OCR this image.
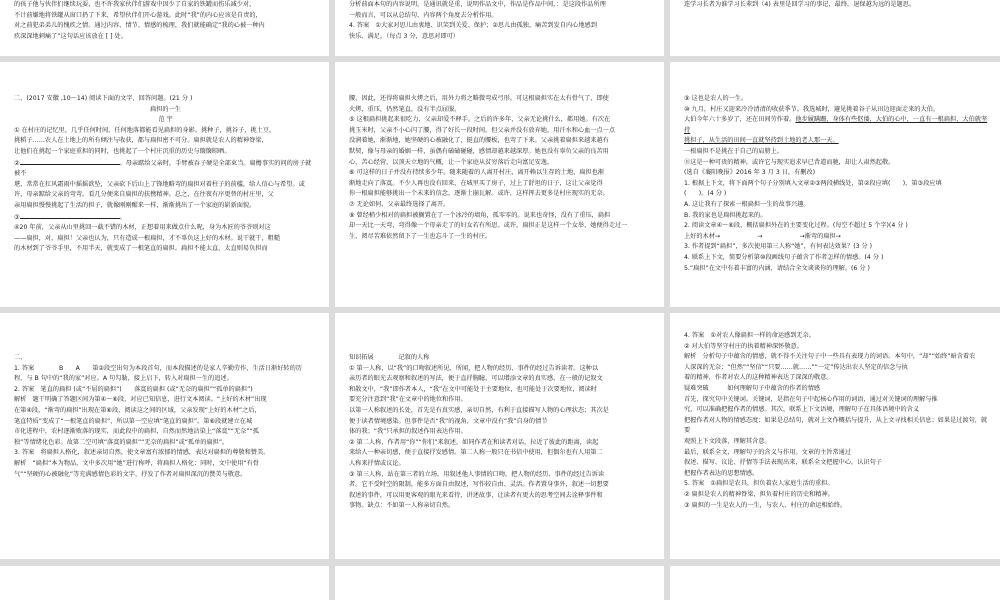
的孩子他与伙伴们继续玩耍，也不许我家伙伴们游戏中因少了自家的铁罐而伤乐减少对，

不计前嫌地将铁罐从窗口扔了下来，希望伙伴们开心游戏。此时“我”的内心应该是自责的，

对之前犯弟弟儿的愧疚之情。通过内容、情节、情感的梳理，我们就能确定“我的心被一种内

疚深深地刺痛了”这句话应该放在 [ ] 处。

分析前面本句的内容说明，是通讯就是重，说明作品文中，作品是作品中间，：是这段作品所理

一般而言，可以从总结句、内容两个角度去分析作用。

4. 答案　①大家对思儿由衷地、识笑到关爱、保护；②思儿由孤独、痛苦到发自内心地感到

快乐、满足。（每点 3 分，意思对即可）

连学习长者为谁学习长辈到（4) 表里是回学习的事记，最终，退保越为远的是题思。

二、(2017 安徽 ,10～14) 阅读下面的文字，回答问题。(21 分 )

扁担的一生

范 宇

① 在村庄的记忆里，几乎任何时间，任何地落都能看见扁担的身影。挑种子，挑谷子，挑土豆，

挑稻子……农人在土地上的所有倾注与收获，都与扁担密不可分。扁担就是农人的精神脊梁，

让他们在挑起一个家庭重担的同时，也挑起了一个村庄沉重的历史与簸簸晾晒。

②	。母亲踮给父亲时，手臂被吞子硬是全部束当。扁檐事实的问的房子就被不

堪，常常在扛风霜雨中摇摇欲坠，父亲砍下后山上了锋地略弯的扁担对着柱子的前槛，给人信心与希望。或

许，母亲踮给父亲的弯弯，看几分便来自扁担的扶携精神。总之，在往夜有序更替的村庄里，父

亲用扁担慢慢挑起了生活的担子，就像刚刚醒来一样，渐渐挑出了一个家庭的崭新面貌。

③	。

④20 年前，父亲从山里挑回一截不错的木材，正想着用来做点什么呢，身为木匠的爷爷则对这

——扁担，对，扁担！父亲也认为，只有造成一根扁担，才不辜负这上好的木材。说干就干，粗糙

的木材到了爷爷手里，不用半天，就变成了一根笔直的扁担。扁担不能太直，太直则易负担而

腰，因此，还得将扁担火烤之后，用外力将之略微弯成弓形。可这根扁担实在太有骨气了，即使

火烤，重压，仍然笔直，没有半点屈服。

⑤ 这根扁担挑起来很吃力，父亲却爱不释手。之后的许多年，父亲无论挑什么，都用她。有次在

挑玉米时，父亲不小心闪了腰，得了好长一段时间。但父亲并没有放弃她，用汗水和心血一点一点

没润着她，渐渐地，她坚硬的心被融化了，挺直的腰板，也弯了下来。父亲挑着扁担来越来越有

默契，像与母亲的婚姻一样，虽偶有磕磕碰碰，感情却越来越深厚。她也没有辜负父亲的良苦用

心，苦心经营，以顶天立地的气概，让一个家庭从贫穷落后走向富足安逸。

⑥ 可这样的日子并没有持续多少年。随来随着的人离开村庄，离开赖以生存的土地，扁担也渐

渐地走向了落寞。不少人再也没有回来，在城里买了房子，过上了舒坦的日子，这让父亲觉得

你一根扁担能够挑出一个未来的信念，逐渐土崩瓦解。或许，这样挥去更多是村庄现实的无奈。

⑦ 无论如何，父亲最终选择了离开。

⑧ 曾经稍少相对的扁担被搁置在了一个冰冷的墙角，孤零零的。说来也奇怪，没有了重压，扁担

却一天比一天弯，弯得像一个母亲走了的妇女若有所思。或许，扁担正是这样一个女举，她便得走过一

生，阅尽苦难依然留下了一生也忘斗了一生的村庄。

⑨ 这也是农人的一生。

⑩ 九月，村庄又迎来冷冷清清的收获季节。我选城时，避见挑着谷子从田边迎面走来的大伯。

大伯今年六十多岁了，还在田间劳作着。他步履蹒跚，身体有些伛偻，大伯的心中，一直有一根扁担，大伯就坚持

挑担子，从生活的田间一直就坚持到土地的老人那一天。

一根扁担不是挑在于自己的肩膀上。

⑪这是一种可贵的精神，或许它与现实追求早已背道而驰，却让人肃然起敬。

(选自《襄阳晚报》2016 年 3 月 3 日，有删改)

1. 根据上下文，将下面两个句子分别填入文章②③两段横线处，第②段应填(　　)，第③段应填

(　　)。(4 分 )

A. 这让我有了探索一根扁担一生的故事兴趣。

B. 我的家也是扁担挑起来的。

2. 阅读文章④～⑥段，概括扁担外在的主要变化过程。(每空不超过 5 个字)(4 分 )

上好的木材→　　　　　　→　　　　　　→渐弯的扁担→　　　　　　

3. 作者提到“扁担”，多次使用第三人称“她”，有何表达效果？(3 分 )

4. 联系上下文，简要分析第⑩段画线句子蕴含了作者怎样的情感。(4 分 )

5.“扁担”在文中有着丰富的内涵，请结合全文谈谈你的理解。(6 分 )

二、

1. 答案　　　　B　　A　　第②段空出句为本段首句，而本段描述的是家人辛勤劳作，生活日渐好转的历

程，与 B 句中的“我的家”对应。A 句勾勒，接上启下，转入对扁担一生的追述。

2. 答案　笔直的扁担 (或“不屈的扁担”)　　落寞的扁担 (或“无奈的扁担”“孤单的扁担”)

解析　题干明确了答题区间为第④～⑥段，对应已知信息，进行文本阅读。“上好的木材”出现

在第④段，“渐弯的扁担”出现在第⑥段，阅读这之间的区域，父亲发现“上好的木材”之后，

笔直特质”变成了“一根笔直的扁担”，所以第一空应填“笔直的扁担”。第⑥段就建立在城

市化进程中，农村逐渐败落的现实，而此段中的扁担，自然而然地沾染上“落寞”“无奈”“孤

独”等情绪化色彩。故第二空可填“落寞的扁担”“无奈的扁担”或“孤单的扁担”。

3. 答案　将扁担人格化，叙述亲切自然，使文章富有浓郁的情感，表达对扁担的尊敬和赞美。

解析　“扁担”本为物品，文中多次用“她”进行称呼，将扁担人格化；同时，文中使用“有骨

气”“坚硬的心被融化”等充满感情色彩的文字，抒发了作者对扁担深沉的赞美与敬意。

知识拓展　　　　记叙的人称

① 第一人称，以“我”的口吻叙述所见、所闻，把人物的经历、事件的经过告诉读者。这种以

亲历者的眼光去观察和叙述的写法，便于直抒胸臆，可以增添文章的真实感，在一般的记叙文

和散文中，“我”即作者本人，“我”在文中可能处于主要地位，也可能处于次要地位，阅读时

要充分注意到“我”在文章中的地位和作用。

以第一人称叙述的长处，首先是有真实感，亲切自然，有利于直接描写人物的心理状态；其次是

便于读者情境感染。但事件是否“我”的视角，文章中没有“我”自身的情节

体的我；“我”只承担的叙述作用表达作用。

② 第二人称，作者用“你”“你们”来叙述，如同作者在和读者对话，拉近了彼此的距离，读起

来给人一种亲切感，便于直接抒发感情。第二人称一般只在书信中使用，但偶尔也有人用第二

人称来抒情或议论。

③ 第三人称，站在第三者的立场，用叙述他人事情的口吻，把人物的经历、事件的经过告诉读

者。它不受时空的限制，能多方面自由叙述，写作较自由、灵活。作者置身事外，叙述一切想要

叙述的事件，可以用更客观的眼光来看待、讲述故事，让读者有更大的思考空间去诠释事件和

事物。缺点：不如第一人称亲切自然。

4. 答案　①对农人像扁担一样的命运感到无奈。

② 对大伯等坚守村庄的执着精神深怀敬意。

解析　分析句子中蕴含的情感，就不得不关注句子中一些具有表现力的词语。本句中，“却”“始终”暗含着农

人深深的无奈；“但然”“坚信”“只要……就……”“一定”传达出农人坚定的信念与执

着的精神，作者对农人的这种精神表达了深深的敬意。

疑难突破　　　如何理解句子中蕴含的作者的情感

首先，探究句中关键词。关键词，是指在句子中起核心作用的词语，通过对关键词的理解与推

究，可以准确把握作者的情感。其次，联系上下文语境，理解句子在具体语境中的含义

把握作者对人物的情感态度；如果是总结句，就对上文作概括与提升，从上文寻找相关信息；如果是过渡句，就要

观照上下文段落，理解其含意。

最后，联系全文，理解句子的含义与作用。文章的主旨常通过

叙述、描写、议论、抒情等手法表现出来，联系全文把握中心，认识句子

把握作者表达的思想情感。

5. 答案　①扁担是农具，担负着农人家庭生活的重担。

② 扁担是农人的精神脊梁，担负着村庄的历史和精神。

③ 扁担的一生是农人的一生，与农人、村庄的命运相始终。
